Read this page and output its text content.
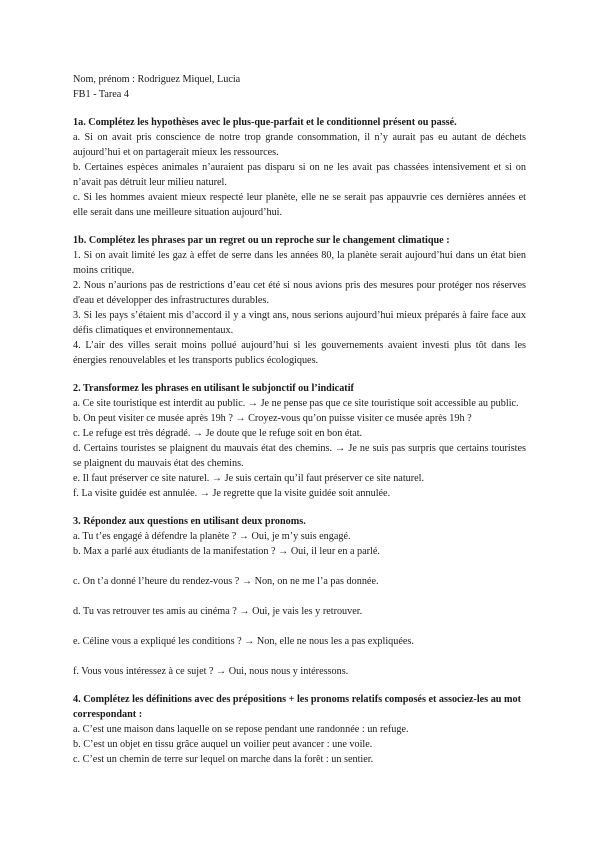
Nom, prénom : Rodriguez Miquel, Lucia

FB1 - Tarea 4

1a. Complétez les hypothèses avec le plus-que-parfait et le conditionnel présent ou passé.

a. Si on avait pris conscience de notre trop grande consommation, il n’y aurait pas eu autant de déchets aujourd’hui et on partagerait mieux les ressources.

b. Certaines espèces animales n’auraient pas disparu si on ne les avait pas chassées intensivement et si on n’avait pas détruit leur milieu naturel.

c. Si les hommes avaient mieux respecté leur planète, elle ne se serait pas appauvrie ces dernières années et elle serait dans une meilleure situation aujourd’hui.

1b. Complétez les phrases par un regret ou un reproche sur le changement climatique :

1. Si on avait limité les gaz à effet de serre dans les années 80, la planète serait aujourd’hui dans un état bien moins critique.

2. Nous n’aurions pas de restrictions d’eau cet été si nous avions pris des mesures pour protéger nos réserves d'eau et développer des infrastructures durables.

3. Si les pays s’étaient mis d’accord il y a vingt ans, nous serions aujourd’hui mieux préparés à faire face aux défis climatiques et environnementaux.

4. L’air des villes serait moins pollué aujourd’hui si les gouvernements avaient investi plus tôt dans les énergies renouvelables et les transports publics écologiques.

2. Transformez les phrases en utilisant le subjonctif ou l’indicatif

a. Ce site touristique est interdit au public. → Je ne pense pas que ce site touristique soit accessible au public.

b. On peut visiter ce musée après 19h ? → Croyez-vous qu’on puisse visiter ce musée après 19h ?

c. Le refuge est très dégradé. → Je doute que le refuge soit en bon état.

d. Certains touristes se plaignent du mauvais état des chemins. → Je ne suis pas surpris que certains touristes se plaignent du mauvais état des chemins.

e. Il faut préserver ce site naturel. → Je suis certain qu’il faut préserver ce site naturel.

f. La visite guidée est annulée. → Je regrette que la visite guidée soit annulée.

3. Répondez aux questions en utilisant deux pronoms.

a. Tu t’es engagé à défendre la planète ? → Oui, je m’y suis engagé.

b. Max a parlé aux étudiants de la manifestation ? → Oui, il leur en a parlé.

c. On t’a donné l’heure du rendez-vous ? → Non, on ne me l’a pas donnée.

d. Tu vas retrouver tes amis au cinéma ? → Oui, je vais les y retrouver.

e. Céline vous a expliqué les conditions ? → Non, elle ne nous les a pas expliquées.

f. Vous vous intéressez à ce sujet ? → Oui, nous nous y intéressons.

4. Complétez les définitions avec des prépositions + les pronoms relatifs composés et associez-les au mot correspondant :

a. C’est une maison dans laquelle on se repose pendant une randonnée : un refuge.

b. C’est un objet en tissu grâce auquel un voilier peut avancer : une voile.

c. C’est un chemin de terre sur lequel on marche dans la forêt : un sentier.
